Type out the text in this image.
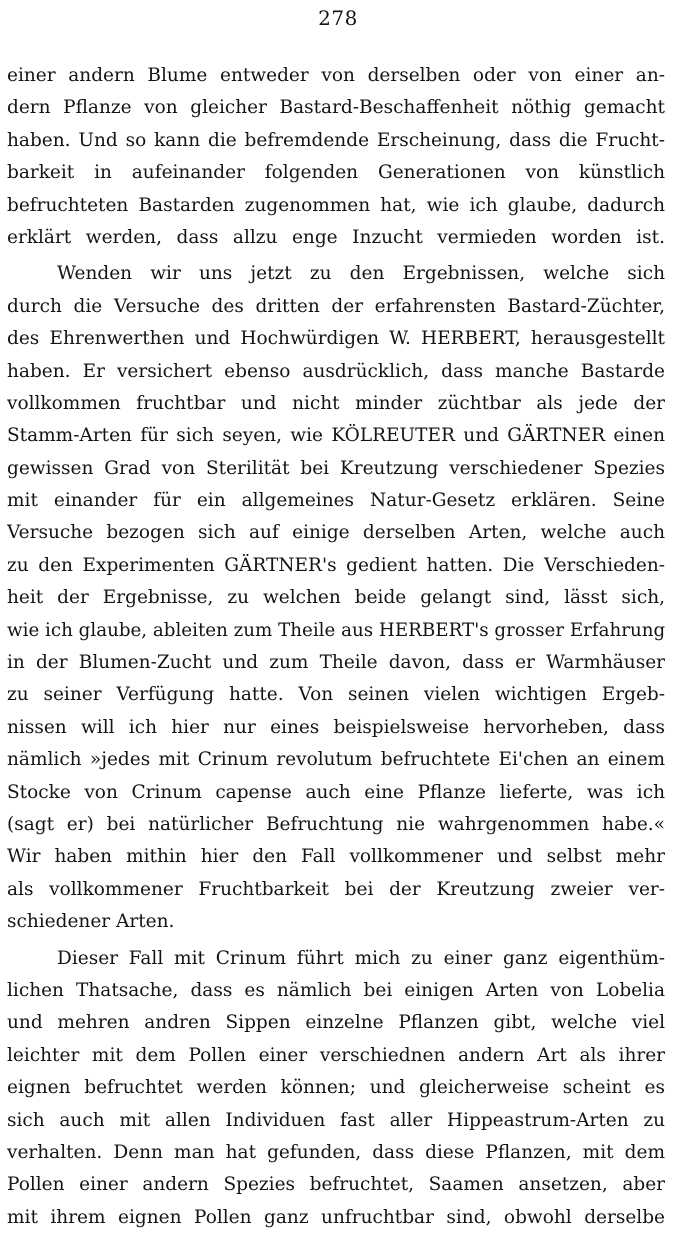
278
einer andern Blume entweder von derselben oder von einer an-
dern Pflanze von gleicher Bastard-Beschaffenheit nöthig gemacht
haben. Und so kann die befremdende Erscheinung, dass die Frucht-
barkeit in aufeinander folgenden Generationen von künstlich
befruchteten Bastarden zugenommen hat, wie ich glaube, dadurch
erklärt werden, dass allzu enge Inzucht vermieden worden ist.
Wenden wir uns jetzt zu den Ergebnissen, welche sich
durch die Versuche des dritten der erfahrensten Bastard-Züchter,
des Ehrenwerthen und Hochwürdigen W. HERBERT, herausgestellt
haben. Er versichert ebenso ausdrücklich, dass manche Bastarde
vollkommen fruchtbar und nicht minder züchtbar als jede der
Stamm-Arten für sich seyen, wie KÖLREUTER und GÄRTNER einen
gewissen Grad von Sterilität bei Kreutzung verschiedener Spezies
mit einander für ein allgemeines Natur-Gesetz erklären. Seine
Versuche bezogen sich auf einige derselben Arten, welche auch
zu den Experimenten GÄRTNER's gedient hatten. Die Verschieden-
heit der Ergebnisse, zu welchen beide gelangt sind, lässt sich,
wie ich glaube, ableiten zum Theile aus HERBERT's grosser Erfahrung
in der Blumen-Zucht und zum Theile davon, dass er Warmhäuser
zu seiner Verfügung hatte. Von seinen vielen wichtigen Ergeb-
nissen will ich hier nur eines beispielsweise hervorheben, dass
nämlich »jedes mit Crinum revolutum befruchtete Ei'chen an einem
Stocke von Crinum capense auch eine Pflanze lieferte, was ich
(sagt er) bei natürlicher Befruchtung nie wahrgenommen habe.«
Wir haben mithin hier den Fall vollkommener und selbst mehr
als vollkommener Fruchtbarkeit bei der Kreutzung zweier ver-
schiedener Arten.
Dieser Fall mit Crinum führt mich zu einer ganz eigenthüm-
lichen Thatsache, dass es nämlich bei einigen Arten von Lobelia
und mehren andren Sippen einzelne Pflanzen gibt, welche viel
leichter mit dem Pollen einer verschiednen andern Art als ihrer
eignen befruchtet werden können; und gleicherweise scheint es
sich auch mit allen Individuen fast aller Hippeastrum-Arten zu
verhalten. Denn man hat gefunden, dass diese Pflanzen, mit dem
Pollen einer andern Spezies befruchtet, Saamen ansetzen, aber
mit ihrem eignen Pollen ganz unfruchtbar sind, obwohl derselbe
